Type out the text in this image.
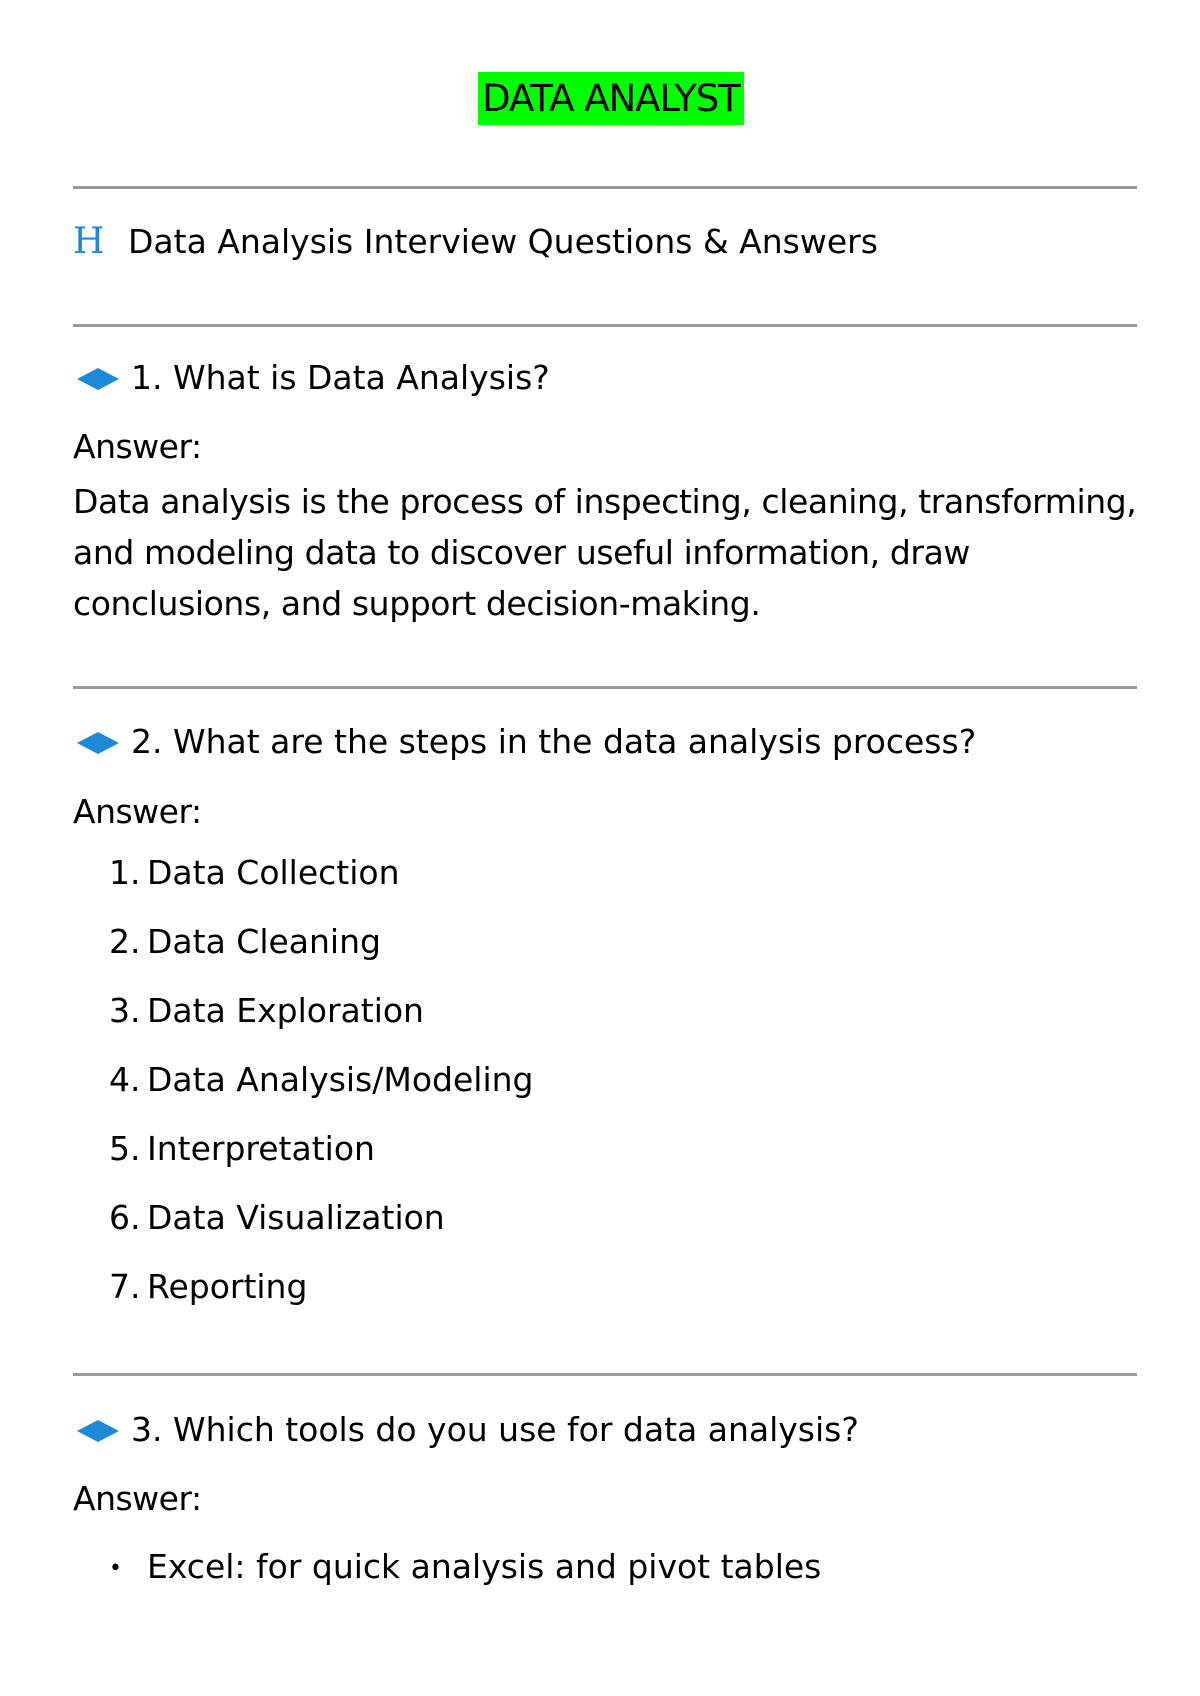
DATA ANALYST
H Data Analysis Interview Questions & Answers
1. What is Data Analysis?
Answer:
Data analysis is the process of inspecting, cleaning, transforming,
and modeling data to discover useful information, draw
conclusions, and support decision-making.
2. What are the steps in the data analysis process?
Answer:
1. Data Collection
2. Data Cleaning
3. Data Exploration
4. Data Analysis/Modeling
5. Interpretation
6. Data Visualization
7. Reporting
3. Which tools do you use for data analysis?
Answer:
• Excel: for quick analysis and pivot tables
